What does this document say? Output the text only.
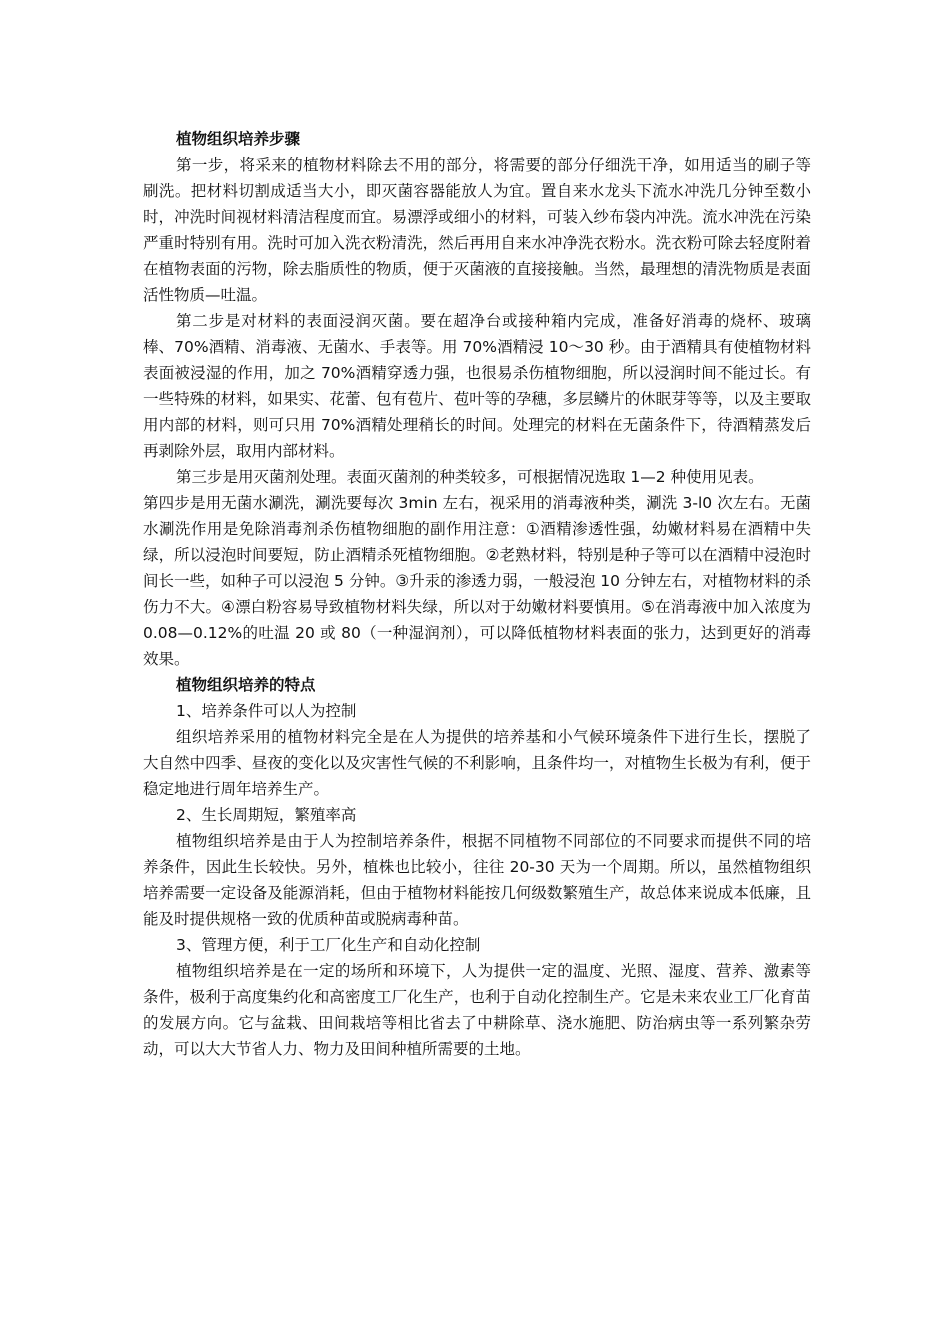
植物组织培养步骤

第一步，将采来的植物材料除去不用的部分，将需要的部分仔细洗干净，如用适当的刷子等刷洗。把材料切割成适当大小，即灭菌容器能放人为宜。置自来水龙头下流水冲洗几分钟至数小时，冲洗时间视材料清洁程度而宜。易漂浮或细小的材料，可装入纱布袋内冲洗。流水冲洗在污染严重时特别有用。洗时可加入洗衣粉清洗，然后再用自来水冲净洗衣粉水。洗衣粉可除去轻度附着在植物表面的污物，除去脂质性的物质，便于灭菌液的直接接触。当然，最理想的清洗物质是表面活性物质—吐温。

第二步是对材料的表面浸润灭菌。要在超净台或接种箱内完成，准备好消毒的烧杯、玻璃棒、70%酒精、消毒液、无菌水、手表等。用 70%酒精浸 10～30 秒。由于酒精具有使植物材料表面被浸湿的作用，加之 70%酒精穿透力强，也很易杀伤植物细胞，所以浸润时间不能过长。有一些特殊的材料，如果实、花蕾、包有苞片、苞叶等的孕穗，多层鳞片的休眠芽等等，以及主要取用内部的材料，则可只用 70%酒精处理稍长的时间。处理完的材料在无菌条件下，待酒精蒸发后再剥除外层，取用内部材料。

第三步是用灭菌剂处理。表面灭菌剂的种类较多，可根据情况选取 1—2 种使用见表。

第四步是用无菌水涮洗，涮洗要每次 3min 左右，视采用的消毒液种类，涮洗 3-l0 次左右。无菌水涮洗作用是免除消毒剂杀伤植物细胞的副作用注意：①酒精渗透性强，幼嫩材料易在酒精中失绿，所以浸泡时间要短，防止酒精杀死植物细胞。②老熟材料，特别是种子等可以在酒精中浸泡时间长一些，如种子可以浸泡 5 分钟。③升汞的渗透力弱，一般浸泡 10 分钟左右，对植物材料的杀伤力不大。④漂白粉容易导致植物材料失绿，所以对于幼嫩材料要慎用。⑤在消毒液中加入浓度为 0.08—0.12%的吐温 20 或 80（一种湿润剂），可以降低植物材料表面的张力，达到更好的消毒效果。

植物组织培养的特点

1、培养条件可以人为控制

组织培养采用的植物材料完全是在人为提供的培养基和小气候环境条件下进行生长，摆脱了大自然中四季、昼夜的变化以及灾害性气候的不利影响，且条件均一，对植物生长极为有利，便于稳定地进行周年培养生产。

2、生长周期短，繁殖率高

植物组织培养是由于人为控制培养条件，根据不同植物不同部位的不同要求而提供不同的培养条件，因此生长较快。另外，植株也比较小，往往 20-30 天为一个周期。所以，虽然植物组织培养需要一定设备及能源消耗，但由于植物材料能按几何级数繁殖生产，故总体来说成本低廉，且能及时提供规格一致的优质种苗或脱病毒种苗。

3、管理方便，利于工厂化生产和自动化控制

植物组织培养是在一定的场所和环境下，人为提供一定的温度、光照、湿度、营养、激素等条件，极利于高度集约化和高密度工厂化生产，也利于自动化控制生产。它是未来农业工厂化育苗的发展方向。它与盆栽、田间栽培等相比省去了中耕除草、浇水施肥、防治病虫等一系列繁杂劳动，可以大大节省人力、物力及田间种植所需要的土地。
